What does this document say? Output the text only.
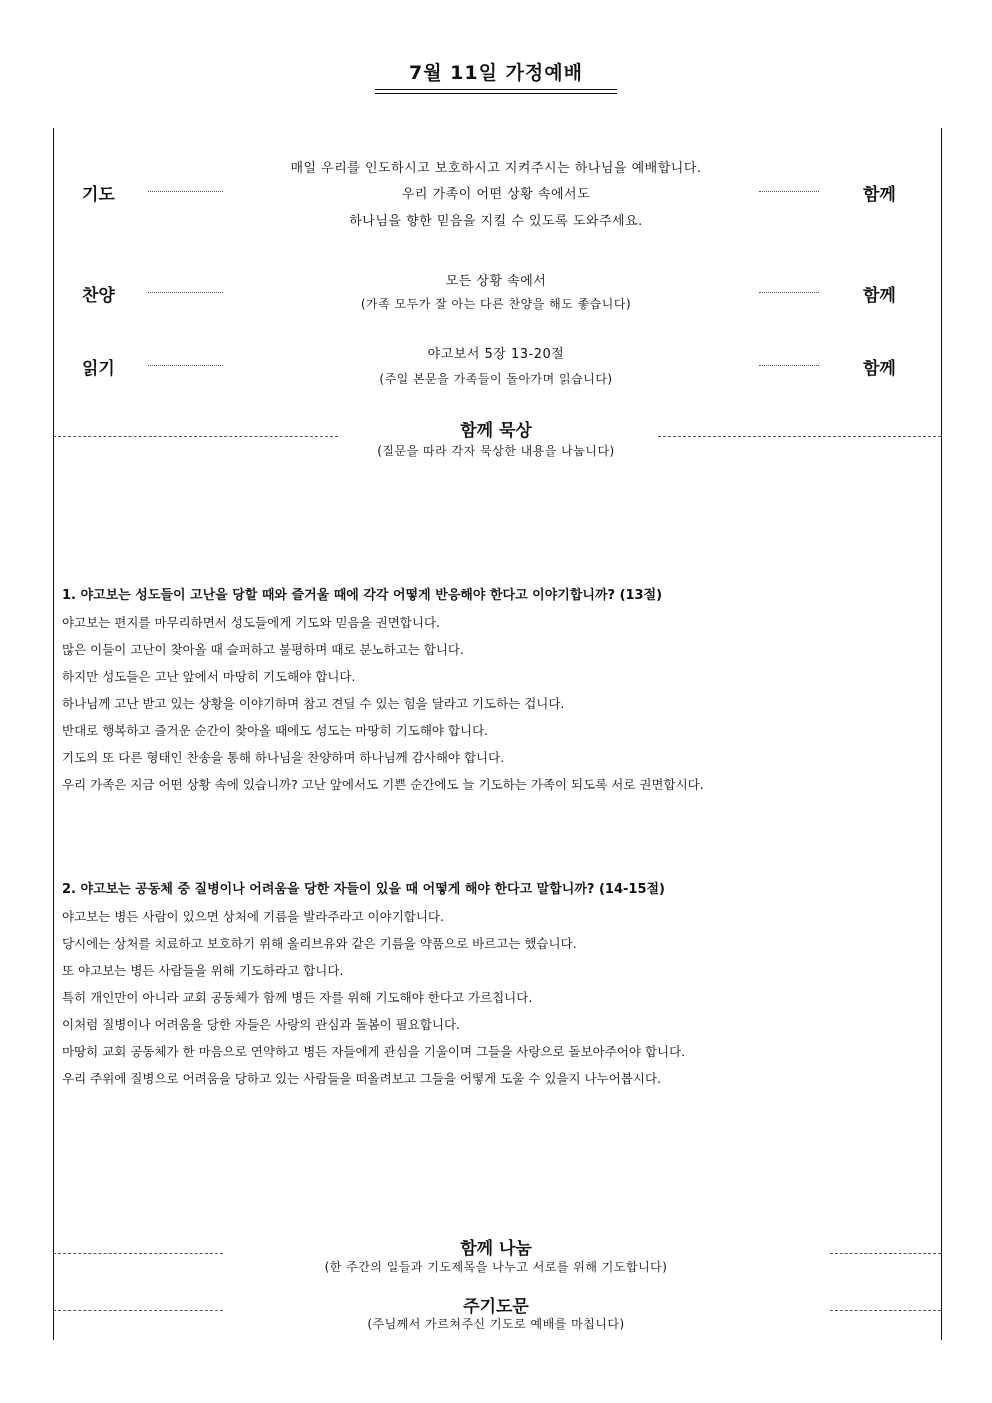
7월 11일 가정예배
기도
매일 우리를 인도하시고 보호하시고 지켜주시는 하나님을 예배합니다.
우리 가족이 어떤 상황 속에서도
하나님을 향한 믿음을 지킬 수 있도록 도와주세요.
함께
찬양
모든 상황 속에서
(가족 모두가 잘 아는 다른 찬양을 해도 좋습니다)	함께
읽기
야고보서 5장 13-20절
(주일 본문을 가족들이 돌아가며 읽습니다)	함께
함께 묵상
(질문을 따라 각자 묵상한 내용을 나눕니다)
1. 야고보는 성도들이 고난을 당할 때와 즐거울 때에 각각 어떻게 반응해야 한다고 이야기합니까? (13절)
야고보는 편지를 마무리하면서 성도들에게 기도와 믿음을 권면합니다.
많은 이들이 고난이 찾아올 때 슬퍼하고 불평하며 때로 분노하고는 합니다.
하지만 성도들은 고난 앞에서 마땅히 기도해야 합니다.
하나님께 고난 받고 있는 상황을 이야기하며 참고 견딜 수 있는 힘을 달라고 기도하는 겁니다.
반대로 행복하고 즐거운 순간이 찾아올 때에도 성도는 마땅히 기도해야 합니다.
기도의 또 다른 형태인 찬송을 통해 하나님을 찬양하며 하나님께 감사해야 합니다.
우리 가족은 지금 어떤 상황 속에 있습니까? 고난 앞에서도 기쁜 순간에도 늘 기도하는 가족이 되도록 서로 권면합시다.
2. 야고보는 공동체 중 질병이나 어려움을 당한 자들이 있을 때 어떻게 해야 한다고 말합니까? (14-15절)
야고보는 병든 사람이 있으면 상처에 기름을 발라주라고 이야기합니다.
당시에는 상처를 치료하고 보호하기 위해 올리브유와 같은 기름을 약품으로 바르고는 했습니다.
또 야고보는 병든 사람들을 위해 기도하라고 합니다.
특히 개인만이 아니라 교회 공동체가 함께 병든 자를 위해 기도해야 한다고 가르칩니다.
이처럼 질병이나 어려움을 당한 자들은 사랑의 관심과 돌봄이 필요합니다.
마땅히 교회 공동체가 한 마음으로 연약하고 병든 자들에게 관심을 기울이며 그들을 사랑으로 돌보아주어야 합니다.
우리 주위에 질병으로 어려움을 당하고 있는 사람들을 떠올려보고 그들을 어떻게 도울 수 있을지 나누어봅시다.
함께 나눔
(한 주간의 일들과 기도제목을 나누고 서로를 위해 기도합니다)
주기도문
(주님께서 가르쳐주신 기도로 예배를 마칩니다)
